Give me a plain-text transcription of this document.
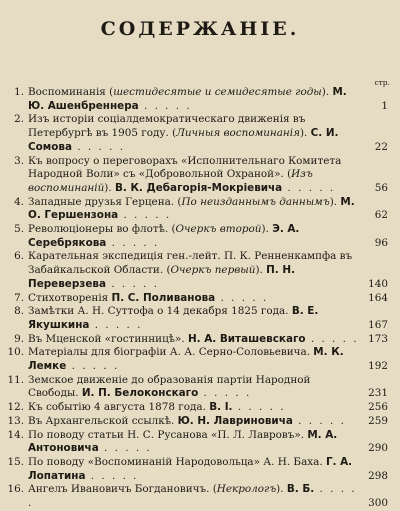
СОДЕРЖАНІЕ.
стр.
1. Воспоминанія (шестидесятые и семидесятые годы). М. Ю. Ашенбреннера . . . . .	1
2. Изъ исторіи соціалдемократическаго движенія въ Петербургѣ въ 1905 году. (Личныя воспоминанія). С. И. Сомова . . . . .	22
3. Къ вопросу о переговорахъ «Исполнительнаго Комитета Народной Воли» съ «Добровольной Охраной». (Изъ воспоминаній). В. К. Дебагорія-Мокріевича . . . . .	56
4. Западные друзья Герцена. (По неизданнымъ даннымъ). М. О. Гершензона . . . . .	62
5. Революціонеры во флотѣ. (Очеркъ второй). Э. А. Серебрякова . . . . .	96
6. Карательная экспедиція ген.-лейт. П. К. Ренненкампфа въ Забайкальской Области. (Очеркъ первый). П. Н. Переверзева . . . . .	140
7. Стихотворенія П. С. Поливанова . . . . .	164
8. Замѣтки А. Н. Суттофа о 14 декабря 1825 года. В. Е. Якушкина . . . . .	167
9. Въ Мценской «гостинницѣ». Н. А. Виташевскаго . . . . . 173
10. Матеріалы для біографіи А. А. Серно-Соловьевича. М. К. Лемке . . . . .	192
11. Земское движеніе до образованія партіи Народной Свободы. И. П. Белоконскаго . . . . .	231
12. Къ событію 4 августа 1878 года. В. І. . . . . .	256
13. Въ Архангельской ссылкѣ. Ю. Н. Лавриновича . . . . .	259
14. По поводу статьи Н. С. Русанова «П. Л. Лавровъ». М. А. Антоновича . . . . .	290
15. По поводу «Воспоминаній Народовольца» А. Н. Баха. Г. А. Лопатина . . . . .	298
16. Ангелъ Ивановичъ Богдановичъ. (Некрологъ). В. Б. . . . . .	300
